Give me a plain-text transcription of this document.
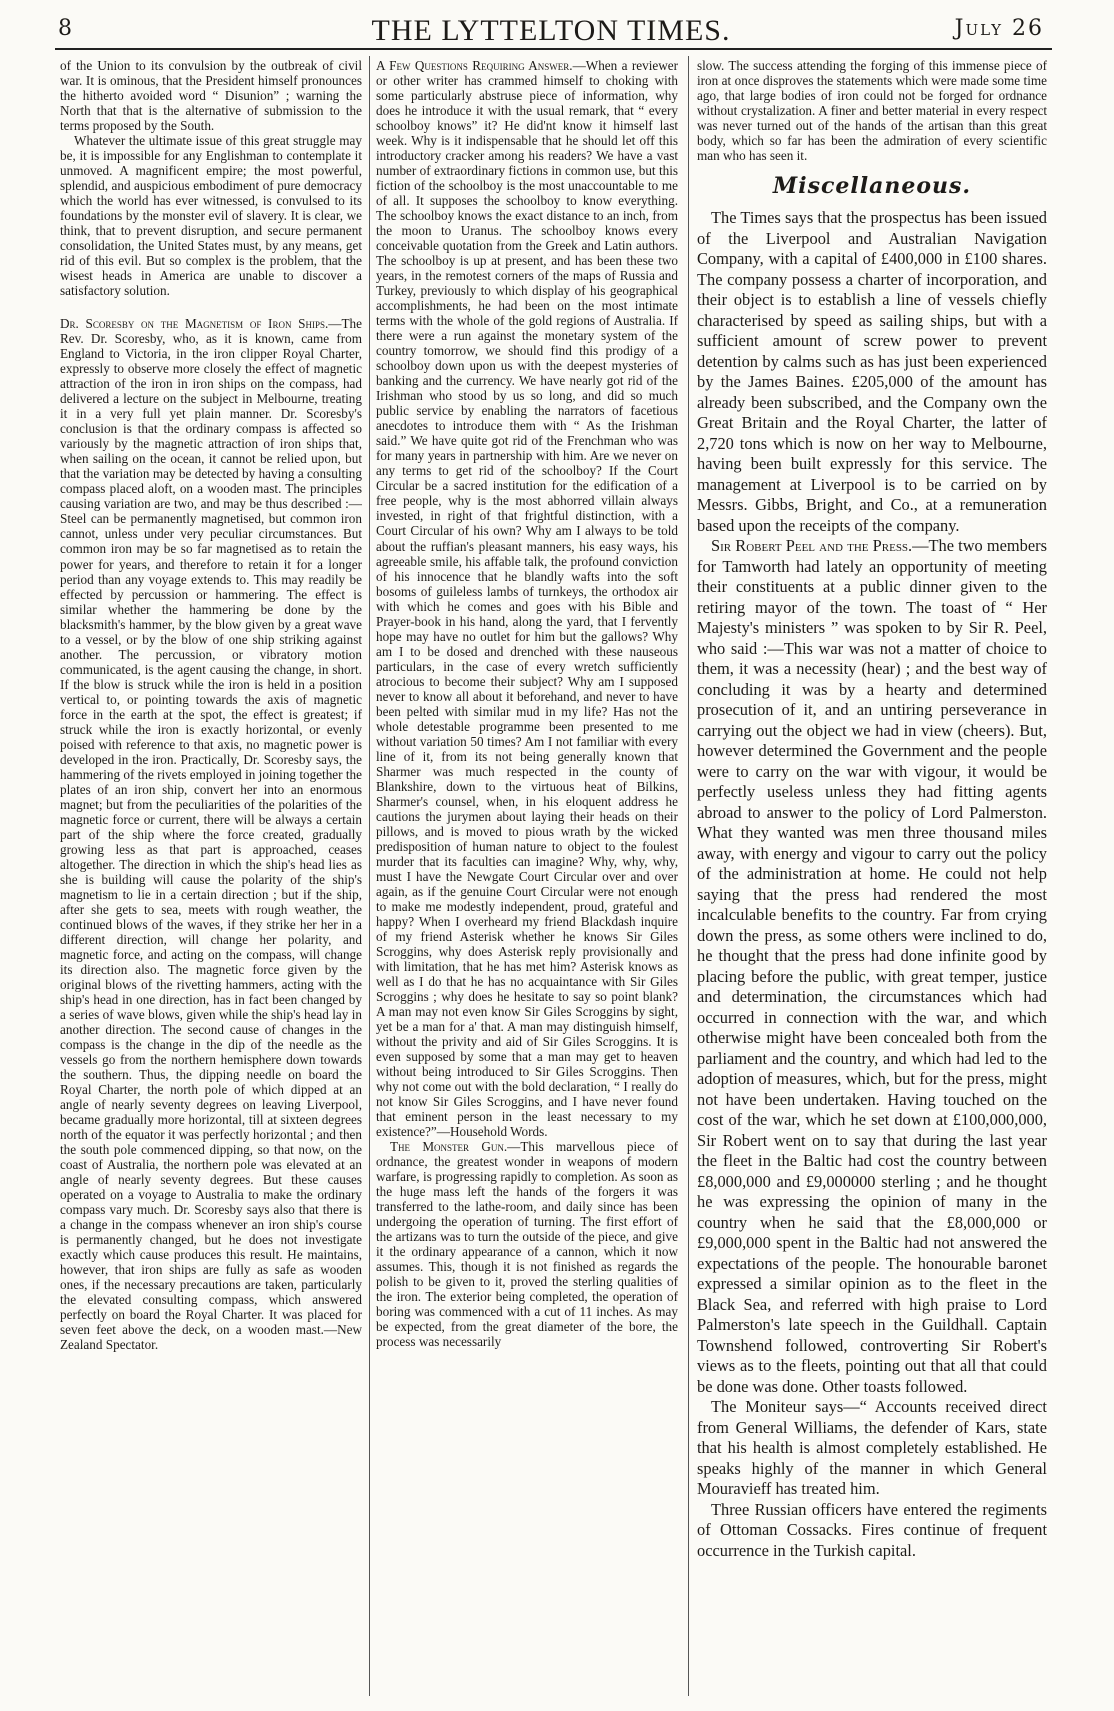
8	THE LYTTELTON TIMES.	July 26

of the Union to its convulsion by the outbreak of civil war. It is ominous, that the President himself pronounces the hitherto avoided word “ Disunion” ; warning the North that that is the alternative of submission to the terms proposed by the South.

Whatever the ultimate issue of this great struggle may be, it is impossible for any Englishman to contemplate it unmoved. A magnificent empire; the most powerful, splendid, and auspicious embodiment of pure democracy which the world has ever witnessed, is convulsed to its foundations by the monster evil of slavery. It is clear, we think, that to prevent disruption, and secure permanent consolidation, the United States must, by any means, get rid of this evil. But so complex is the problem, that the wisest heads in America are unable to discover a satisfactory solution.

Dr. Scoresby on the Magnetism of Iron Ships.—The Rev. Dr. Scoresby, who, as it is known, came from England to Victoria, in the iron clipper Royal Charter, expressly to observe more closely the effect of magnetic attraction of the iron in iron ships on the compass, had delivered a lecture on the subject in Melbourne, treating it in a very full yet plain manner. Dr. Scoresby's conclusion is that the ordinary compass is affected so variously by the magnetic attraction of iron ships that, when sailing on the ocean, it cannot be relied upon, but that the variation may be detected by having a consulting compass placed aloft, on a wooden mast. The principles causing variation are two, and may be thus described :—Steel can be permanently magnetised, but common iron cannot, unless under very peculiar circumstances. But common iron may be so far magnetised as to retain the power for years, and therefore to retain it for a longer period than any voyage extends to. This may readily be effected by percussion or hammering. The effect is similar whether the hammering be done by the blacksmith's hammer, by the blow given by a great wave to a vessel, or by the blow of one ship striking against another. The percussion, or vibratory motion communicated, is the agent causing the change, in short. If the blow is struck while the iron is held in a position vertical to, or pointing towards the axis of magnetic force in the earth at the spot, the effect is greatest; if struck while the iron is exactly horizontal, or evenly poised with reference to that axis, no magnetic power is developed in the iron. Practically, Dr. Scoresby says, the hammering of the rivets employed in joining together the plates of an iron ship, convert her into an enormous magnet; but from the peculiarities of the polarities of the magnetic force or current, there will be always a certain part of the ship where the force created, gradually growing less as that part is approached, ceases altogether. The direction in which the ship's head lies as she is building will cause the polarity of the ship's magnetism to lie in a certain direction ; but if the ship, after she gets to sea, meets with rough weather, the continued blows of the waves, if they strike her her in a different direction, will change her polarity, and magnetic force, and acting on the compass, will change its direction also. The magnetic force given by the original blows of the rivetting hammers, acting with the ship's head in one direction, has in fact been changed by a series of wave blows, given while the ship's head lay in another direction. The second cause of changes in the compass is the change in the dip of the needle as the vessels go from the northern hemisphere down towards the southern. Thus, the dipping needle on board the Royal Charter, the north pole of which dipped at an angle of nearly seventy degrees on leaving Liverpool, became gradually more horizontal, till at sixteen degrees north of the equator it was perfectly horizontal ; and then the south pole commenced dipping, so that now, on the coast of Australia, the northern pole was elevated at an angle of nearly seventy degrees. But these causes operated on a voyage to Australia to make the ordinary compass vary much. Dr. Scoresby says also that there is a change in the compass whenever an iron ship's course is permanently changed, but he does not investigate exactly which cause produces this result. He maintains, however, that iron ships are fully as safe as wooden ones, if the necessary precautions are taken, particularly the elevated consulting compass, which answered perfectly on board the Royal Charter. It was placed for seven feet above the deck, on a wooden mast.—New Zealand Spectator.

A Few Questions Requiring Answer.—When a reviewer or other writer has crammed himself to choking with some particularly abstruse piece of information, why does he introduce it with the usual remark, that “ every schoolboy knows” it? He did'nt know it himself last week. Why is it indispensable that he should let off this introductory cracker among his readers? We have a vast number of extraordinary fictions in common use, but this fiction of the schoolboy is the most unaccountable to me of all. It supposes the schoolboy to know everything. The schoolboy knows the exact distance to an inch, from the moon to Uranus. The schoolboy knows every conceivable quotation from the Greek and Latin authors. The schoolboy is up at present, and has been these two years, in the remotest corners of the maps of Russia and Turkey, previously to which display of his geographical accomplishments, he had been on the most intimate terms with the whole of the gold regions of Australia. If there were a run against the monetary system of the country tomorrow, we should find this prodigy of a schoolboy down upon us with the deepest mysteries of banking and the currency. We have nearly got rid of the Irishman who stood by us so long, and did so much public service by enabling the narrators of facetious anecdotes to introduce them with “ As the Irishman said.” We have quite got rid of the Frenchman who was for many years in partnership with him. Are we never on any terms to get rid of the schoolboy? If the Court Circular be a sacred institution for the edification of a free people, why is the most abhorred villain always invested, in right of that frightful distinction, with a Court Circular of his own? Why am I always to be told about the ruffian's pleasant manners, his easy ways, his agreeable smile, his affable talk, the profound conviction of his innocence that he blandly wafts into the soft bosoms of guileless lambs of turnkeys, the orthodox air with which he comes and goes with his Bible and Prayer-book in his hand, along the yard, that I fervently hope may have no outlet for him but the gallows? Why am I to be dosed and drenched with these nauseous particulars, in the case of every wretch sufficiently atrocious to become their subject? Why am I supposed never to know all about it beforehand, and never to have been pelted with similar mud in my life? Has not the whole detestable programme been presented to me without variation 50 times? Am I not familiar with every line of it, from its not being generally known that Sharmer was much respected in the county of Blankshire, down to the virtuous heat of Bilkins, Sharmer's counsel, when, in his eloquent address he cautions the jurymen about laying their heads on their pillows, and is moved to pious wrath by the wicked predisposition of human nature to object to the foulest murder that its faculties can imagine? Why, why, why, must I have the Newgate Court Circular over and over again, as if the genuine Court Circular were not enough to make me modestly independent, proud, grateful and happy? When I overheard my friend Blackdash inquire of my friend Asterisk whether he knows Sir Giles Scroggins, why does Asterisk reply provisionally and with limitation, that he has met him? Asterisk knows as well as I do that he has no acquaintance with Sir Giles Scroggins ; why does he hesitate to say so point blank? A man may not even know Sir Giles Scroggins by sight, yet be a man for a' that. A man may distinguish himself, without the privity and aid of Sir Giles Scroggins. It is even supposed by some that a man may get to heaven without being introduced to Sir Giles Scroggins. Then why not come out with the bold declaration, “ I really do not know Sir Giles Scroggins, and I have never found that eminent person in the least necessary to my existence?”—Household Words.

The Monster Gun.—This marvellous piece of ordnance, the greatest wonder in weapons of modern warfare, is progressing rapidly to completion. As soon as the huge mass left the hands of the forgers it was transferred to the lathe-room, and daily since has been undergoing the operation of turning. The first effort of the artizans was to turn the outside of the piece, and give it the ordinary appearance of a cannon, which it now assumes. This, though it is not finished as regards the polish to be given to it, proved the sterling qualities of the iron. The exterior being completed, the operation of boring was commenced with a cut of 11 inches. As may be expected, from the great diameter of the bore, the process was necessarily

slow. The success attending the forging of this immense piece of iron at once disproves the statements which were made some time ago, that large bodies of iron could not be forged for ordnance without crystalization. A finer and better material in every respect was never turned out of the hands of the artisan than this great body, which so far has been the admiration of every scientific man who has seen it.

Miscellaneous.

The Times says that the prospectus has been issued of the Liverpool and Australian Navigation Company, with a capital of £400,000 in £100 shares. The company possess a charter of incorporation, and their object is to establish a line of vessels chiefly characterised by speed as sailing ships, but with a sufficient amount of screw power to prevent detention by calms such as has just been experienced by the James Baines. £205,000 of the amount has already been subscribed, and the Company own the Great Britain and the Royal Charter, the latter of 2,720 tons which is now on her way to Melbourne, having been built expressly for this service. The management at Liverpool is to be carried on by Messrs. Gibbs, Bright, and Co., at a remuneration based upon the receipts of the company.

Sir Robert Peel and the Press.—The two members for Tamworth had lately an opportunity of meeting their constituents at a public dinner given to the retiring mayor of the town. The toast of “ Her Majesty's ministers ” was spoken to by Sir R. Peel, who said :—This war was not a matter of choice to them, it was a necessity (hear) ; and the best way of concluding it was by a hearty and determined prosecution of it, and an untiring perseverance in carrying out the object we had in view (cheers). But, however determined the Government and the people were to carry on the war with vigour, it would be perfectly useless unless they had fitting agents abroad to answer to the policy of Lord Palmerston. What they wanted was men three thousand miles away, with energy and vigour to carry out the policy of the administration at home. He could not help saying that the press had rendered the most incalculable benefits to the country. Far from crying down the press, as some others were inclined to do, he thought that the press had done infinite good by placing before the public, with great temper, justice and determination, the circumstances which had occurred in connection with the war, and which otherwise might have been concealed both from the parliament and the country, and which had led to the adoption of measures, which, but for the press, might not have been undertaken. Having touched on the cost of the war, which he set down at £100,000,000, Sir Robert went on to say that during the last year the fleet in the Baltic had cost the country between £8,000,000 and £9,000000 sterling ; and he thought he was expressing the opinion of many in the country when he said that the £8,000,000 or £9,000,000 spent in the Baltic had not answered the expectations of the people. The honourable baronet expressed a similar opinion as to the fleet in the Black Sea, and referred with high praise to Lord Palmerston's late speech in the Guildhall. Captain Townshend followed, controverting Sir Robert's views as to the fleets, pointing out that all that could be done was done. Other toasts followed.

The Moniteur says—“ Accounts received direct from General Williams, the defender of Kars, state that his health is almost completely established. He speaks highly of the manner in which General Mouravieff has treated him.

Three Russian officers have entered the regiments of Ottoman Cossacks. Fires continue of frequent occurrence in the Turkish capital.
